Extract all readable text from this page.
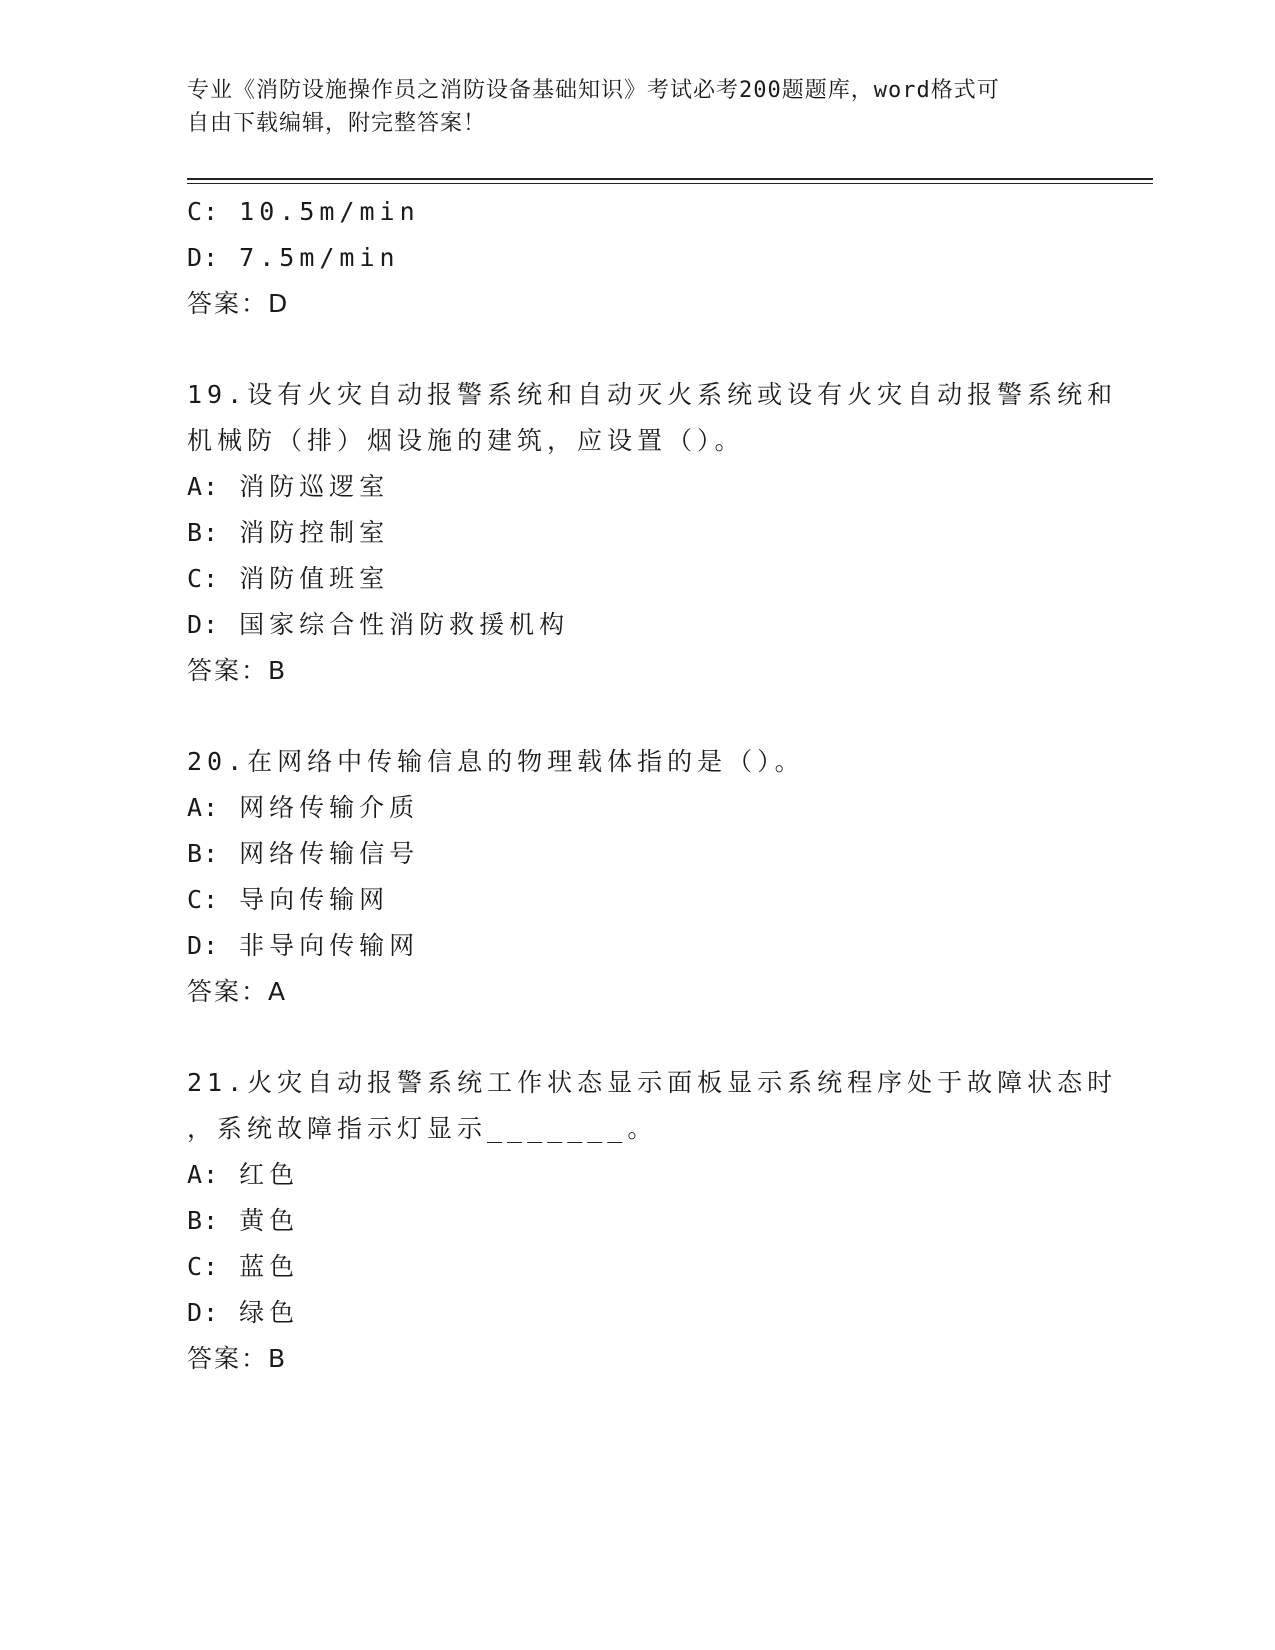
专业《消防设施操作员之消防设备基础知识》考试必考200题题库，word格式可
自由下载编辑，附完整答案！
C: 10.5m/min
D: 7.5m/min
答案：D
19.设有火灾自动报警系统和自动灭火系统或设有火灾自动报警系统和
机械防（排）烟设施的建筑，应设置（）。
A: 消防巡逻室
B: 消防控制室
C: 消防值班室
D: 国家综合性消防救援机构
答案：B
20.在网络中传输信息的物理载体指的是（）。
A: 网络传输介质
B: 网络传输信号
C: 导向传输网
D: 非导向传输网
答案：A
21.火灾自动报警系统工作状态显示面板显示系统程序处于故障状态时
，系统故障指示灯显示_______。
A: 红色
B: 黄色
C: 蓝色
D: 绿色
答案：B
